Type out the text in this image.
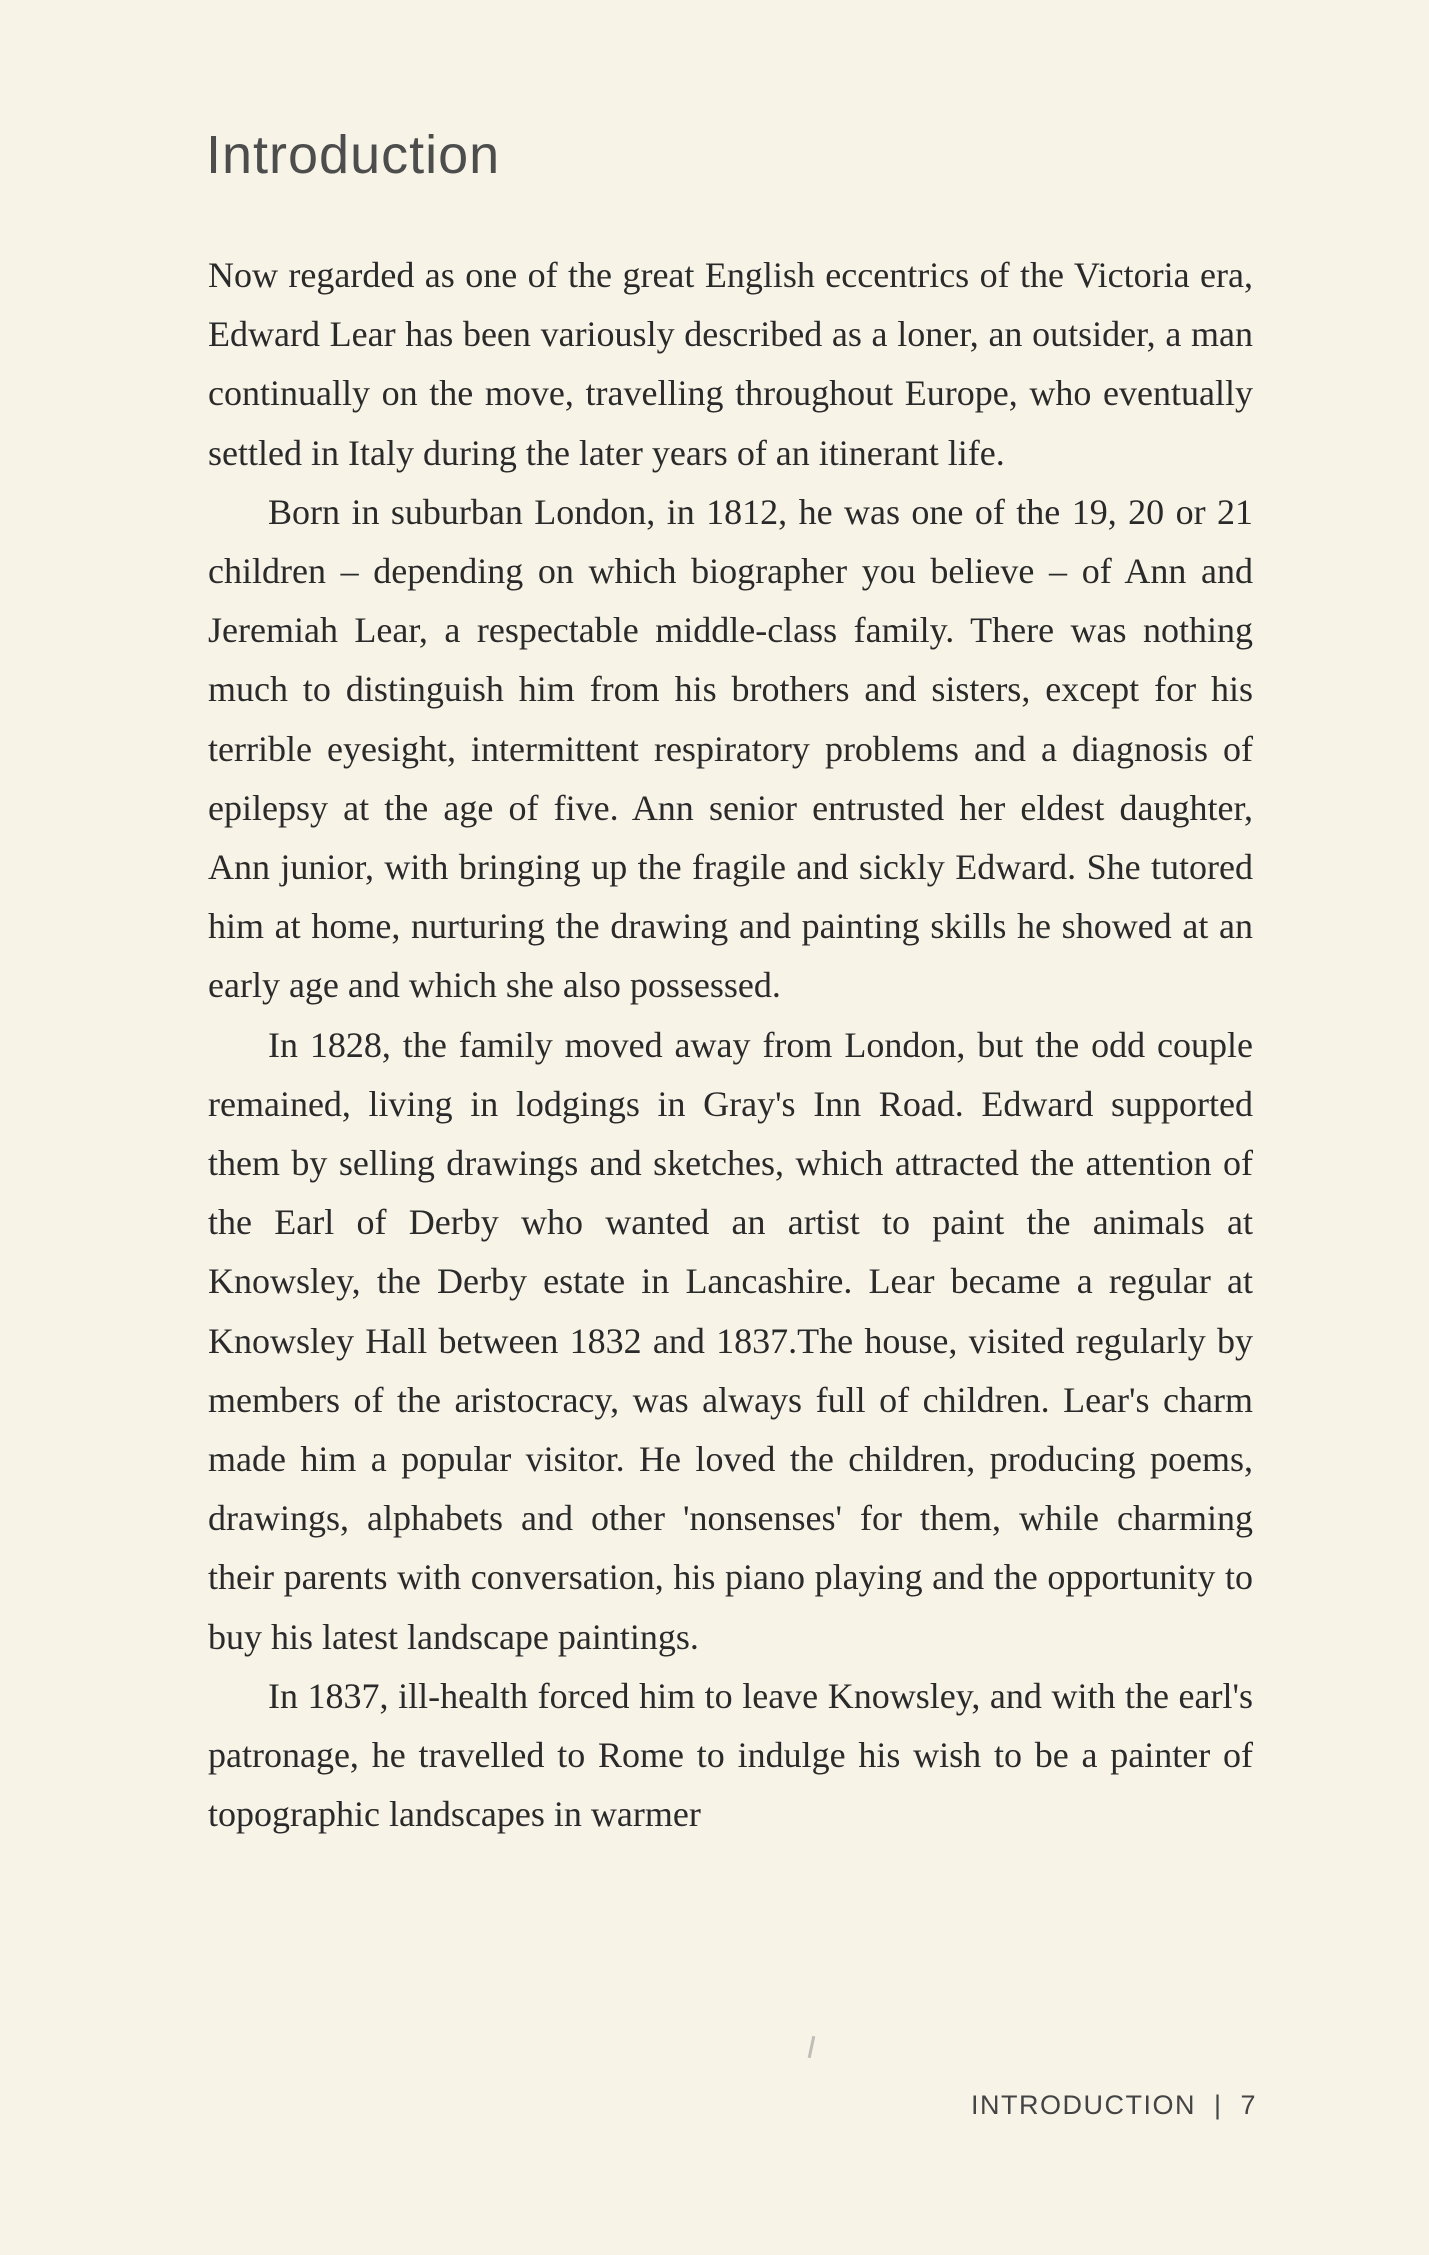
Introduction

Now regarded as one of the great English eccentrics of the Victoria era, Edward Lear has been variously described as a loner, an outsider, a man continually on the move, travelling throughout Europe, who eventually settled in Italy during the later years of an itinerant life.

Born in suburban London, in 1812, he was one of the 19, 20 or 21 children – depending on which biographer you believe – of Ann and Jeremiah Lear, a respectable middle-class family. There was nothing much to distinguish him from his brothers and sisters, except for his terrible eyesight, intermittent respiratory problems and a diagnosis of epilepsy at the age of five. Ann senior entrusted her eldest daughter, Ann junior, with bringing up the fragile and sickly Edward. She tutored him at home, nurturing the drawing and painting skills he showed at an early age and which she also possessed.

In 1828, the family moved away from London, but the odd couple remained, living in lodgings in Gray's Inn Road. Edward supported them by selling drawings and sketches, which attracted the attention of the Earl of Derby who wanted an artist to paint the animals at Knowsley, the Derby estate in Lancashire. Lear became a regular at Knowsley Hall between 1832 and 1837.The house, visited regularly by members of the aristocracy, was always full of children. Lear's charm made him a popular visitor. He loved the children, producing poems, drawings, alphabets and other 'nonsenses' for them, while charming their parents with conversation, his piano playing and the opportunity to buy his latest landscape paintings.

In 1837, ill-health forced him to leave Knowsley, and with the earl's patronage, he travelled to Rome to indulge his wish to be a painter of topographic landscapes in warmer

INTRODUCTION | 7
